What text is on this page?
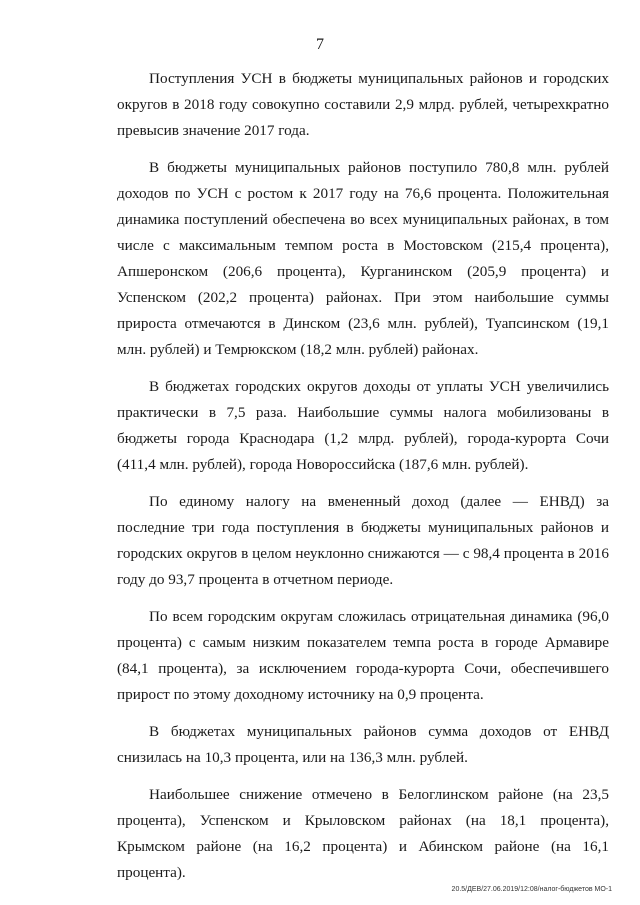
7

Поступления УСН в бюджеты муниципальных районов и городских округов в 2018 году совокупно составили 2,9 млрд. рублей, четырехкратно превысив значение 2017 года.

В бюджеты муниципальных районов поступило 780,8 млн. рублей доходов по УСН с ростом к 2017 году на 76,6 процента. Положительная динамика поступлений обеспечена во всех муниципальных районах, в том числе с максимальным темпом роста в Мостовском (215,4 процента), Апшеронском (206,6 процента), Курганинском (205,9 процента) и Успенском (202,2 процента) районах. При этом наибольшие суммы прироста отмечаются в Динском (23,6 млн. рублей), Туапсинском (19,1 млн. рублей) и Темрюкском (18,2 млн. рублей) районах.

В бюджетах городских округов доходы от уплаты УСН увеличились практически в 7,5 раза. Наибольшие суммы налога мобилизованы в бюджеты города Краснодара (1,2 млрд. рублей), города-курорта Сочи (411,4 млн. рублей), города Новороссийска (187,6 млн. рублей).

По единому налогу на вмененный доход (далее — ЕНВД) за последние три года поступления в бюджеты муниципальных районов и городских округов в целом неуклонно снижаются — с 98,4 процента в 2016 году до 93,7 процента в отчетном периоде.

По всем городским округам сложилась отрицательная динамика (96,0 процента) с самым низким показателем темпа роста в городе Армавире (84,1 процента), за исключением города-курорта Сочи, обеспечившего прирост по этому доходному источнику на 0,9 процента.

В бюджетах муниципальных районов сумма доходов от ЕНВД снизилась на 10,3 процента, или на 136,3 млн. рублей.

Наибольшее снижение отмечено в Белоглинском районе (на 23,5 процента), Успенском и Крыловском районах (на 18,1 процента), Крымском районе (на 16,2 процента) и Абинском районе (на 16,1 процента).

20.5/ДЕВ/27.06.2019/12:08/налог-бюджетов МО-1
